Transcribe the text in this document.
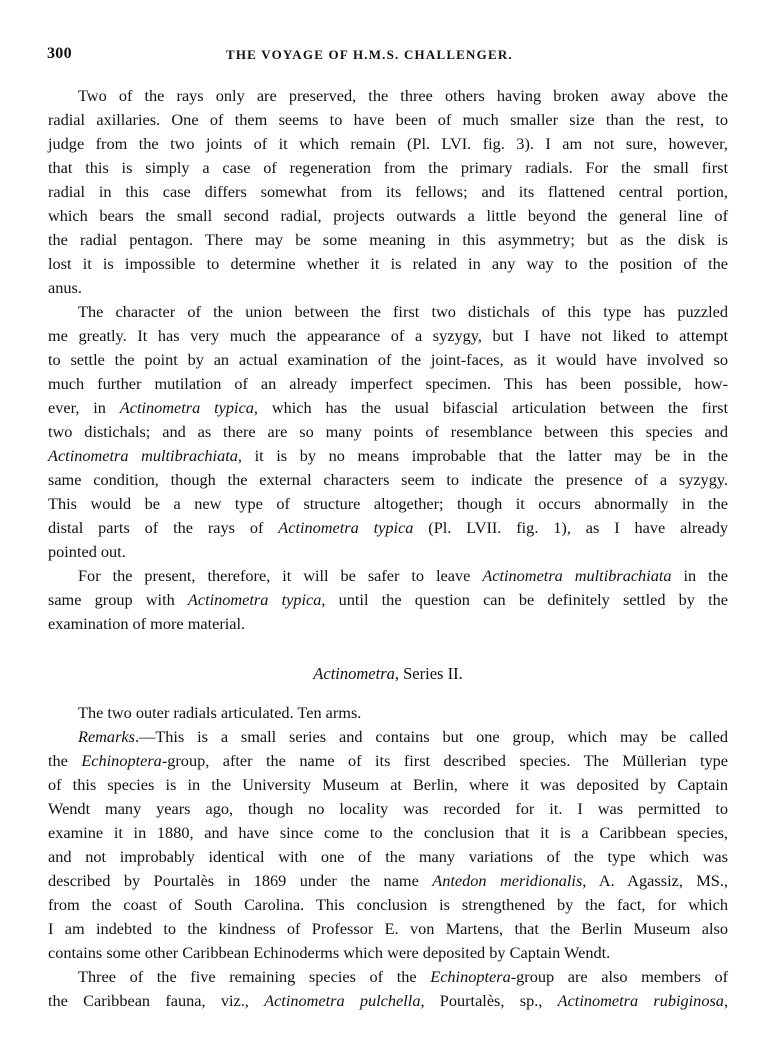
300	THE VOYAGE OF H.M.S. CHALLENGER.
Two of the rays only are preserved, the three others having broken away above the
radial axillaries. One of them seems to have been of much smaller size than the rest, to
judge from the two joints of it which remain (Pl. LVI. fig. 3). I am not sure, however,
that this is simply a case of regeneration from the primary radials. For the small first
radial in this case differs somewhat from its fellows; and its flattened central portion,
which bears the small second radial, projects outwards a little beyond the general line of
the radial pentagon. There may be some meaning in this asymmetry; but as the disk is
lost it is impossible to determine whether it is related in any way to the position of the
anus.
The character of the union between the first two distichals of this type has puzzled
me greatly. It has very much the appearance of a syzygy, but I have not liked to attempt
to settle the point by an actual examination of the joint-faces, as it would have involved so
much further mutilation of an already imperfect specimen. This has been possible, how-
ever, in Actinometra typica, which has the usual bifascial articulation between the first
two distichals; and as there are so many points of resemblance between this species and
Actinometra multibrachiata, it is by no means improbable that the latter may be in the
same condition, though the external characters seem to indicate the presence of a syzygy.
This would be a new type of structure altogether; though it occurs abnormally in the
distal parts of the rays of Actinometra typica (Pl. LVII. fig. 1), as I have already
pointed out.
For the present, therefore, it will be safer to leave Actinometra multibrachiata in the
same group with Actinometra typica, until the question can be definitely settled by the
examination of more material.
Actinometra, Series II.
The two outer radials articulated. Ten arms.
Remarks.—This is a small series and contains but one group, which may be called
the Echinoptera-group, after the name of its first described species. The Müllerian type
of this species is in the University Museum at Berlin, where it was deposited by Captain
Wendt many years ago, though no locality was recorded for it. I was permitted to
examine it in 1880, and have since come to the conclusion that it is a Caribbean species,
and not improbably identical with one of the many variations of the type which was
described by Pourtalès in 1869 under the name Antedon meridionalis, A. Agassiz, MS.,
from the coast of South Carolina. This conclusion is strengthened by the fact, for which
I am indebted to the kindness of Professor E. von Martens, that the Berlin Museum also
contains some other Caribbean Echinoderms which were deposited by Captain Wendt.
Three of the five remaining species of the Echinoptera-group are also members of
the Caribbean fauna, viz., Actinometra pulchella, Pourtalès, sp., Actinometra rubiginosa,
